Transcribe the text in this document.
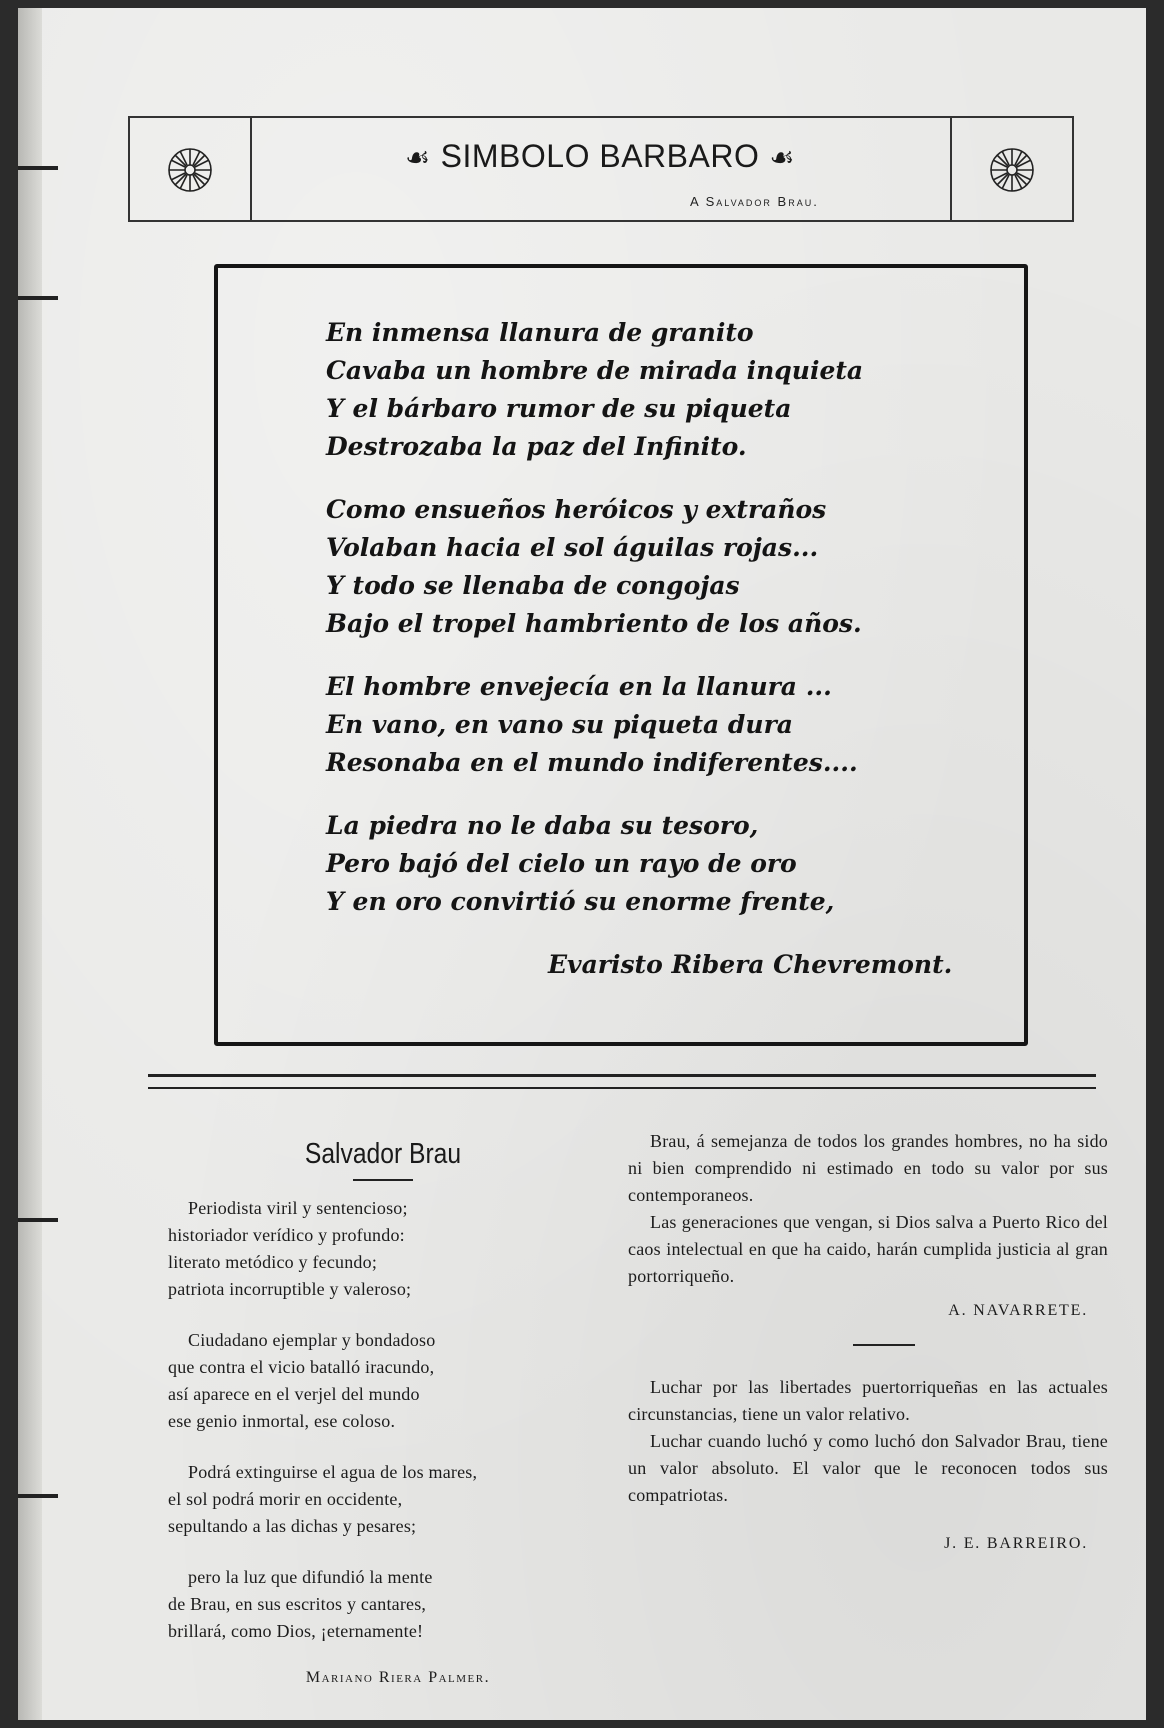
☙ SIMBOLO BARBARO ☙
A Salvador Brau.
En inmensa llanura de granito
Cavaba un hombre de mirada inquieta
Y el bárbaro rumor de su piqueta
Destrozaba la paz del Infinito.
Como ensueños heróicos y extraños
Volaban hacia el sol águilas rojas...
Y todo se llenaba de congojas
Bajo el tropel hambriento de los años.
El hombre envejecía en la llanura ...
En vano, en vano su piqueta dura
Resonaba en el mundo indiferentes....
La piedra no le daba su tesoro,
Pero bajó del cielo un rayo de oro
Y en oro convirtió su enorme frente,
Evaristo Ribera Chevremont.
Salvador Brau
Periodista viril y sentencioso;
historiador verídico y profundo:
literato metódico y fecundo;
patriota incorruptible y valeroso;
Ciudadano ejemplar y bondadoso
que contra el vicio batalló iracundo,
así aparece en el verjel del mundo
ese genio inmortal, ese coloso.
Podrá extinguirse el agua de los mares,
el sol podrá morir en occidente,
sepultando a las dichas y pesares;
pero la luz que difundió la mente
de Brau, en sus escritos y cantares,
brillará, como Dios, ¡eternamente!
Mariano Riera Palmer.

Brau, á semejanza de todos los grandes hombres, no ha sido ni bien comprendido ni estimado en todo su valor por sus contemporaneos.

Las generaciones que vengan, si Dios salva a Puerto Rico del caos intelectual en que ha caido, harán cumplida justicia al gran portorriqueño.

A. NAVARRETE.

Luchar por las libertades puertorriqueñas en las actuales circunstancias, tiene un valor relativo.

Luchar cuando luchó y como luchó don Salvador Brau, tiene un valor absoluto. El valor que le reconocen todos sus compatriotas.

J. E. BARREIRO.
